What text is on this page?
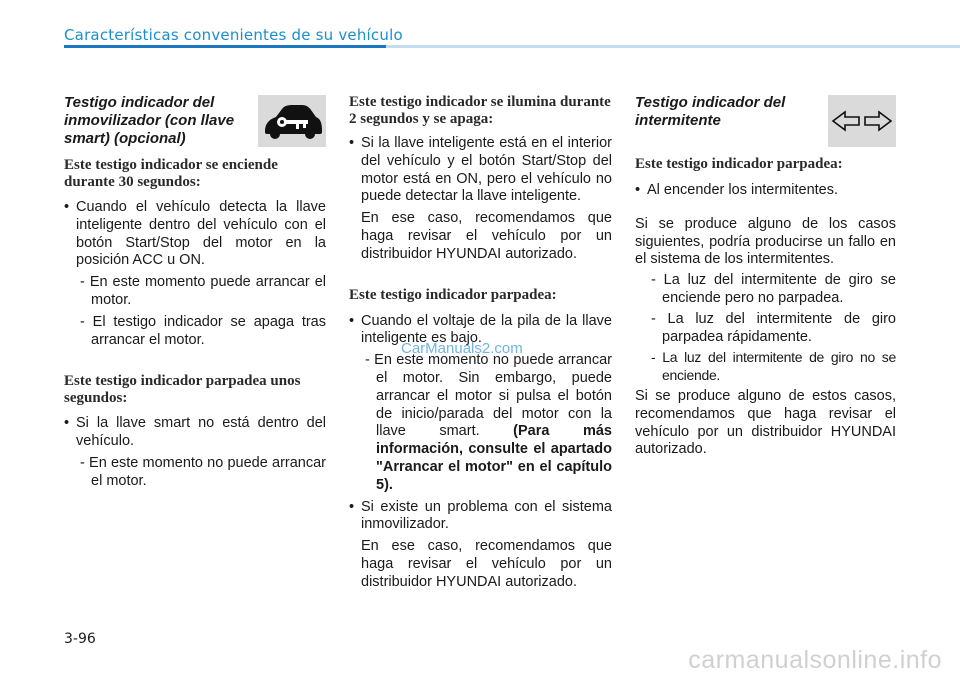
Características convenientes de su vehículo
Testigo indicador del inmovilizador (con llave smart) (opcional)
Este testigo indicador se enciende durante 30 segundos:

• Cuando el vehículo detecta la llave inteligente dentro del vehículo con el botón Start/Stop del motor en la posición ACC u ON.

- En este momento puede arrancar el motor.

- El testigo indicador se apaga tras arrancar el motor.

Este testigo indicador parpadea unos segundos:

• Si la llave smart no está dentro del vehículo.

- En este momento no puede arrancar el motor.

Este testigo indicador se ilumina durante 2 segundos y se apaga:

• Si la llave inteligente está en el interior del vehículo y el botón Start/Stop del motor está en ON, pero el vehículo no puede detectar la llave inteligente.

En ese caso, recomendamos que haga revisar el vehículo por un distribuidor HYUNDAI autorizado.

Este testigo indicador parpadea:

• Cuando el voltaje de la pila de la llave inteligente es bajo.

- En este momento no puede arrancar el motor. Sin embargo, puede arrancar el motor si pulsa el botón de inicio/parada del motor con la llave smart. (Para más información, consulte el apartado "Arrancar el motor" en el capítulo 5).

• Si existe un problema con el sistema inmovilizador.

En ese caso, recomendamos que haga revisar el vehículo por un distribuidor HYUNDAI autorizado.

Testigo indicador del intermitente
Este testigo indicador parpadea:

• Al encender los intermitentes.

Si se produce alguno de los casos siguientes, podría producirse un fallo en el sistema de los intermitentes.

- La luz del intermitente de giro se enciende pero no parpadea.

- La luz del intermitente de giro parpadea rápidamente.

- La luz del intermitente de giro no se enciende.

Si se produce alguno de estos casos, recomendamos que haga revisar el vehículo por un distribuidor HYUNDAI autorizado.

CarManuals2.com
3-96
carmanualsonline.info
